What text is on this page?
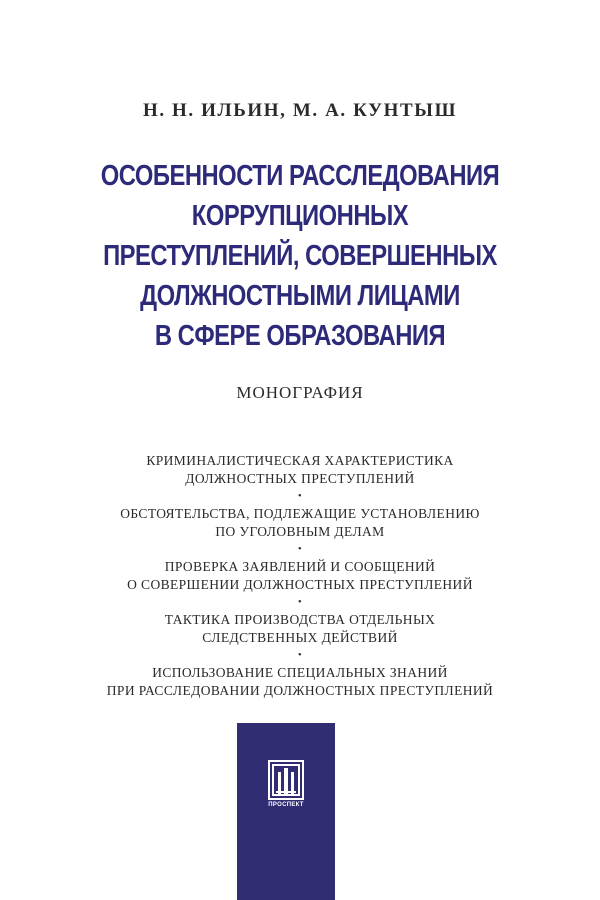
Н. Н. ИЛЬИН, М. А. КУНТЫШ
ОСОБЕННОСТИ РАССЛЕДОВАНИЯ
КОРРУПЦИОННЫХ
ПРЕСТУПЛЕНИЙ, СОВЕРШЕННЫХ
ДОЛЖНОСТНЫМИ ЛИЦАМИ
В СФЕРЕ ОБРАЗОВАНИЯ
МОНОГРАФИЯ
КРИМИНАЛИСТИЧЕСКАЯ ХАРАКТЕРИСТИКА
ДОЛЖНОСТНЫХ ПРЕСТУПЛЕНИЙ
•
ОБСТОЯТЕЛЬСТВА, ПОДЛЕЖАЩИЕ УСТАНОВЛЕНИЮ
ПО УГОЛОВНЫМ ДЕЛАМ
•
ПРОВЕРКА ЗАЯВЛЕНИЙ И СООБЩЕНИЙ
О СОВЕРШЕНИИ ДОЛЖНОСТНЫХ ПРЕСТУПЛЕНИЙ
•
ТАКТИКА ПРОИЗВОДСТВА ОТДЕЛЬНЫХ
СЛЕДСТВЕННЫХ ДЕЙСТВИЙ
•
ИСПОЛЬЗОВАНИЕ СПЕЦИАЛЬНЫХ ЗНАНИЙ
ПРИ РАССЛЕДОВАНИИ ДОЛЖНОСТНЫХ ПРЕСТУПЛЕНИЙ
ПРОСПЕКТ
